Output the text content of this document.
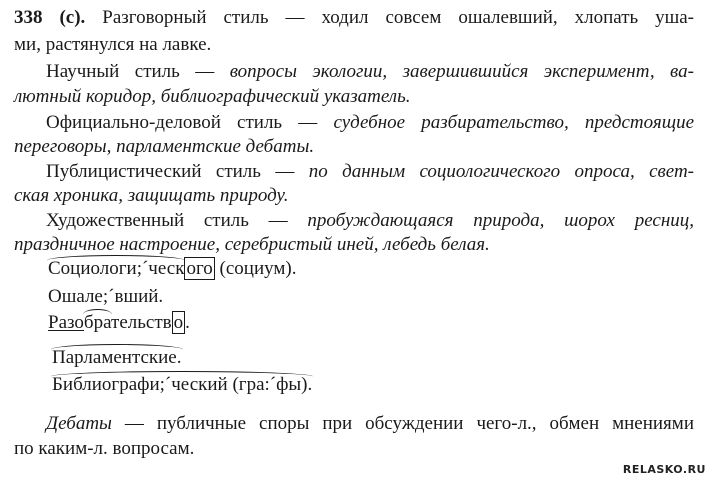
338 (с). Разговорный стиль — ходил совсем ошалевший, хлопать уша-
ми, растянулся на лавке.
Научный стиль — вопросы экологии, завершившийся эксперимент, ва-
лютный коридор, библиографический указатель.
Официально-деловой стиль — судебное разбирательство, предстоящие
переговоры, парламентские дебаты.
Публицистический стиль — по данным социологического опроса, свет-
ская хроника, защищать природу.
Художественный стиль — пробуждающаяся природа, шорох ресниц,
праздничное настроение, серебристый иней, лебедь белая.
Социологи;´ческ ого (социум).
Ошале;´вший.
Разобрательств о .
Парламентские.
Библиографи;´ческий (гра:´фы).
Дебаты — публичные споры при обсуждении чего-л., обмен мнениями
по каким-л. вопросам.
RELASKO.RU
